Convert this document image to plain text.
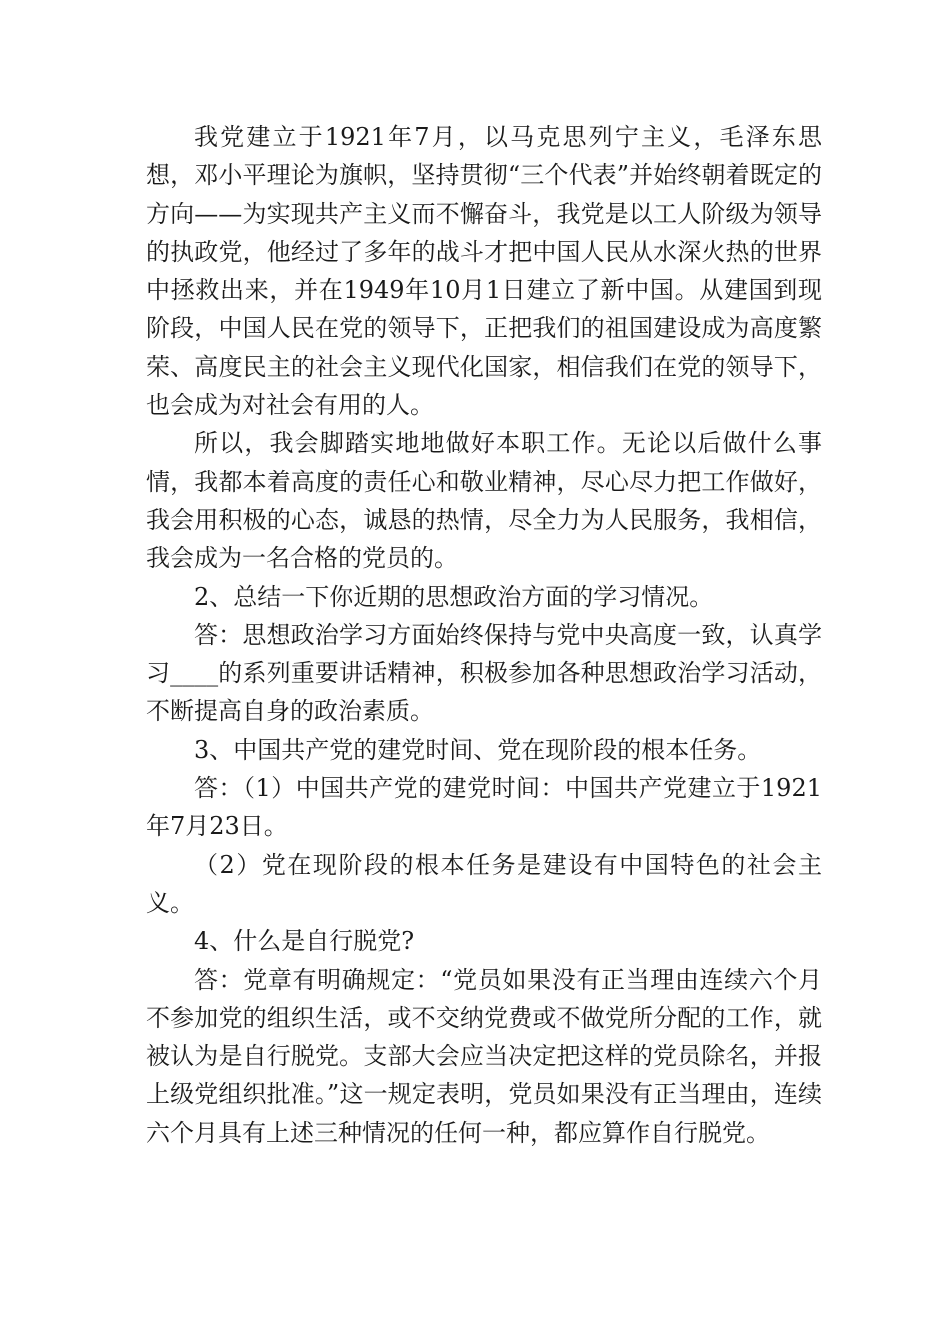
我党建立于1921年7月，以马克思列宁主义，毛泽东思想，邓小平理论为旗帜，坚持贯彻“三个代表”并始终朝着既定的方向——为实现共产主义而不懈奋斗，我党是以工人阶级为领导的执政党，他经过了多年的战斗才把中国人民从水深火热的世界中拯救出来，并在1949年10月1日建立了新中国。从建国到现阶段，中国人民在党的领导下，正把我们的祖国建设成为高度繁荣、高度民主的社会主义现代化国家，相信我们在党的领导下，也会成为对社会有用的人。

所以，我会脚踏实地地做好本职工作。无论以后做什么事情，我都本着高度的责任心和敬业精神，尽心尽力把工作做好，我会用积极的心态，诚恳的热情，尽全力为人民服务，我相信，我会成为一名合格的党员的。

2、总结一下你近期的思想政治方面的学习情况。

答：思想政治学习方面始终保持与党中央高度一致，认真学习____的系列重要讲话精神，积极参加各种思想政治学习活动，不断提高自身的政治素质。

3、中国共产党的建党时间、党在现阶段的根本任务。

答：（1）中国共产党的建党时间：中国共产党建立于1921年7月23日。

（2）党在现阶段的根本任务是建设有中国特色的社会主义。

4、什么是自行脱党?

答：党章有明确规定：“党员如果没有正当理由连续六个月不参加党的组织生活，或不交纳党费或不做党所分配的工作，就被认为是自行脱党。支部大会应当决定把这样的党员除名，并报上级党组织批准。”这一规定表明，党员如果没有正当理由，连续六个月具有上述三种情况的任何一种，都应算作自行脱党。
